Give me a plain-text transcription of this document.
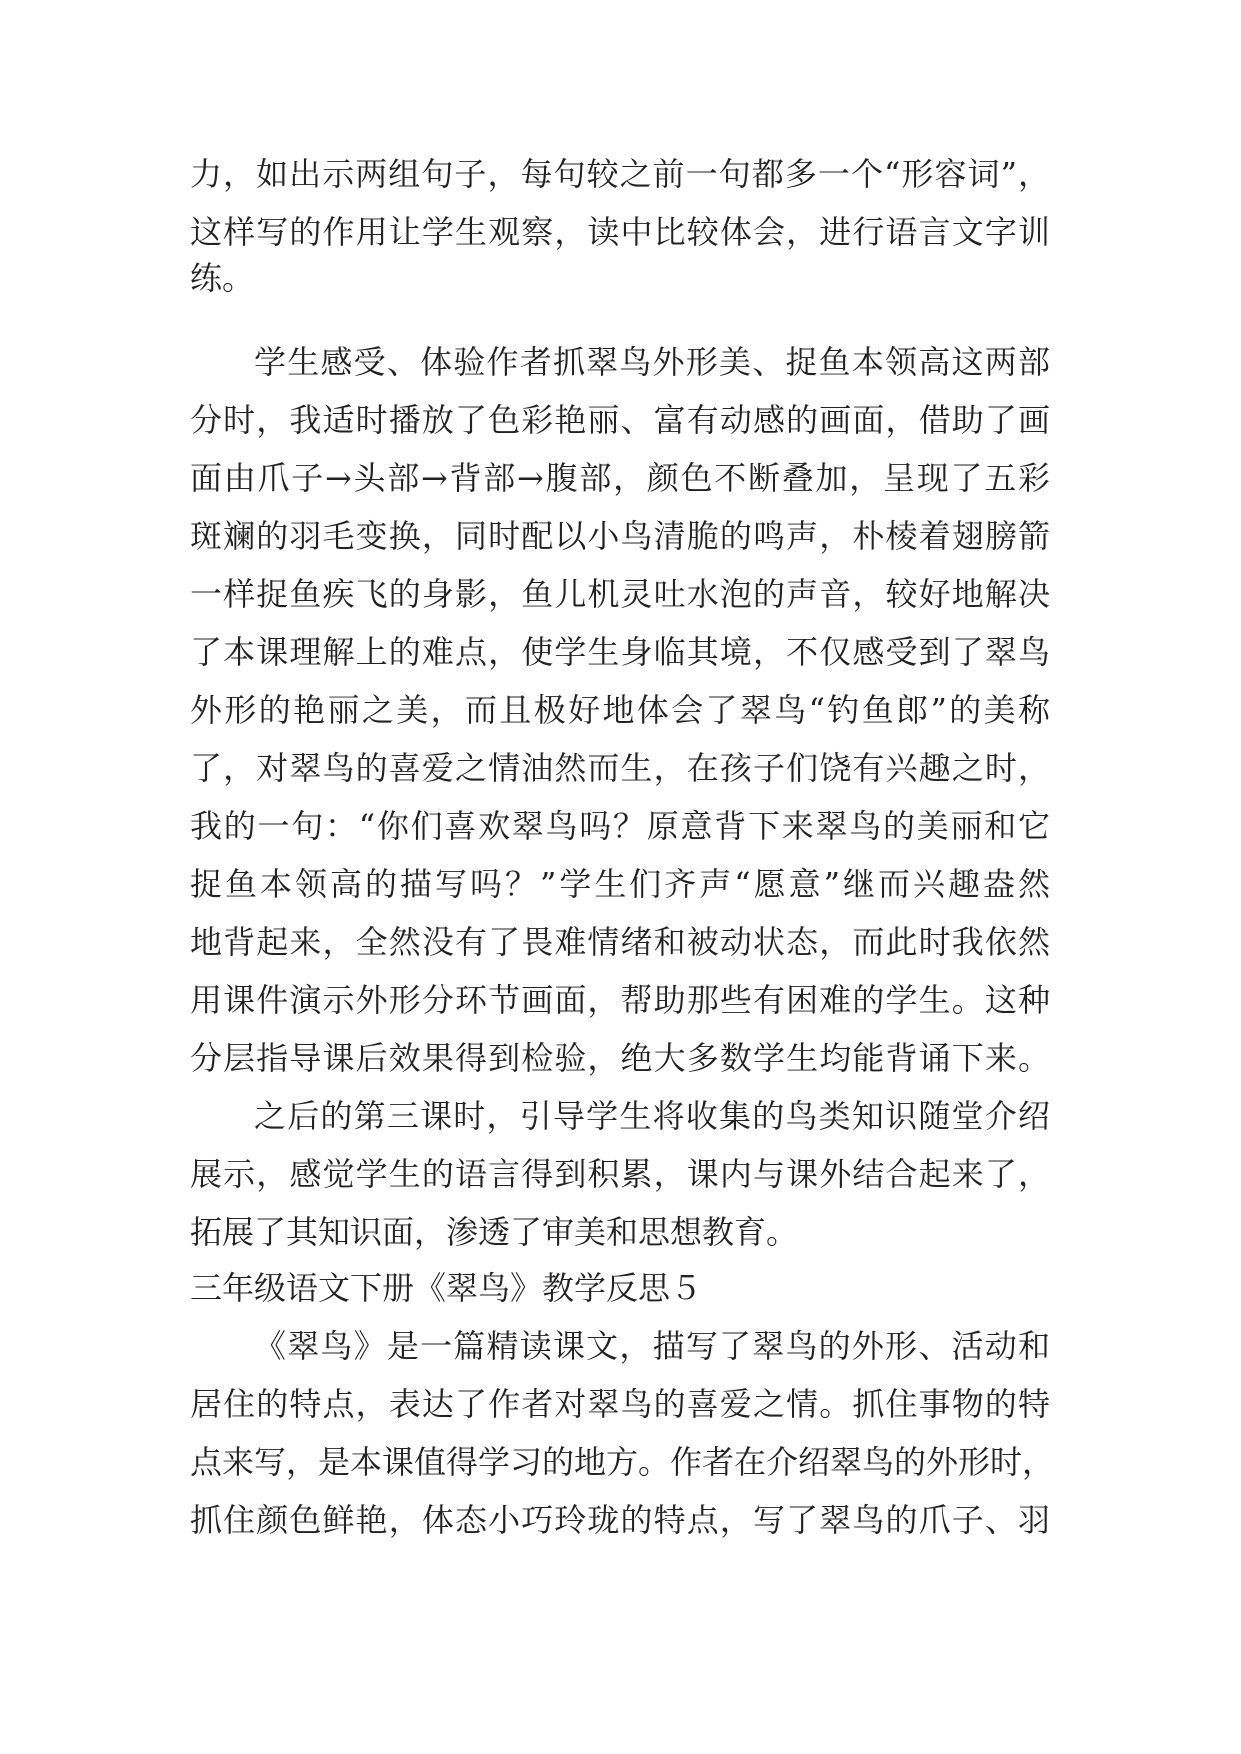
力，如出示两组句子，每句较之前一句都多一个“形容词”，
这样写的作用让学生观察，读中比较体会，进行语言文字训
练。
学生感受、体验作者抓翠鸟外形美、捉鱼本领高这两部
分时，我适时播放了色彩艳丽、富有动感的画面，借助了画
面由爪子→头部→背部→腹部，颜色不断叠加，呈现了五彩
斑斓的羽毛变换，同时配以小鸟清脆的鸣声，朴棱着翅膀箭
一样捉鱼疾飞的身影，鱼儿机灵吐水泡的声音，较好地解决
了本课理解上的难点，使学生身临其境，不仅感受到了翠鸟
外形的艳丽之美，而且极好地体会了翠鸟“钓鱼郎”的美称
了，对翠鸟的喜爱之情油然而生，在孩子们饶有兴趣之时，
我的一句：“你们喜欢翠鸟吗？原意背下来翠鸟的美丽和它
捉鱼本领高的描写吗？”学生们齐声“愿意”继而兴趣盎然
地背起来，全然没有了畏难情绪和被动状态，而此时我依然
用课件演示外形分环节画面，帮助那些有困难的学生。这种
分层指导课后效果得到检验，绝大多数学生均能背诵下来。
之后的第三课时，引导学生将收集的鸟类知识随堂介绍
展示，感觉学生的语言得到积累，课内与课外结合起来了，
拓展了其知识面，渗透了审美和思想教育。
三年级语文下册《翠鸟》教学反思５
《翠鸟》是一篇精读课文，描写了翠鸟的外形、活动和
居住的特点，表达了作者对翠鸟的喜爱之情。抓住事物的特
点来写，是本课值得学习的地方。作者在介绍翠鸟的外形时，
抓住颜色鲜艳，体态小巧玲珑的特点，写了翠鸟的爪子、羽
